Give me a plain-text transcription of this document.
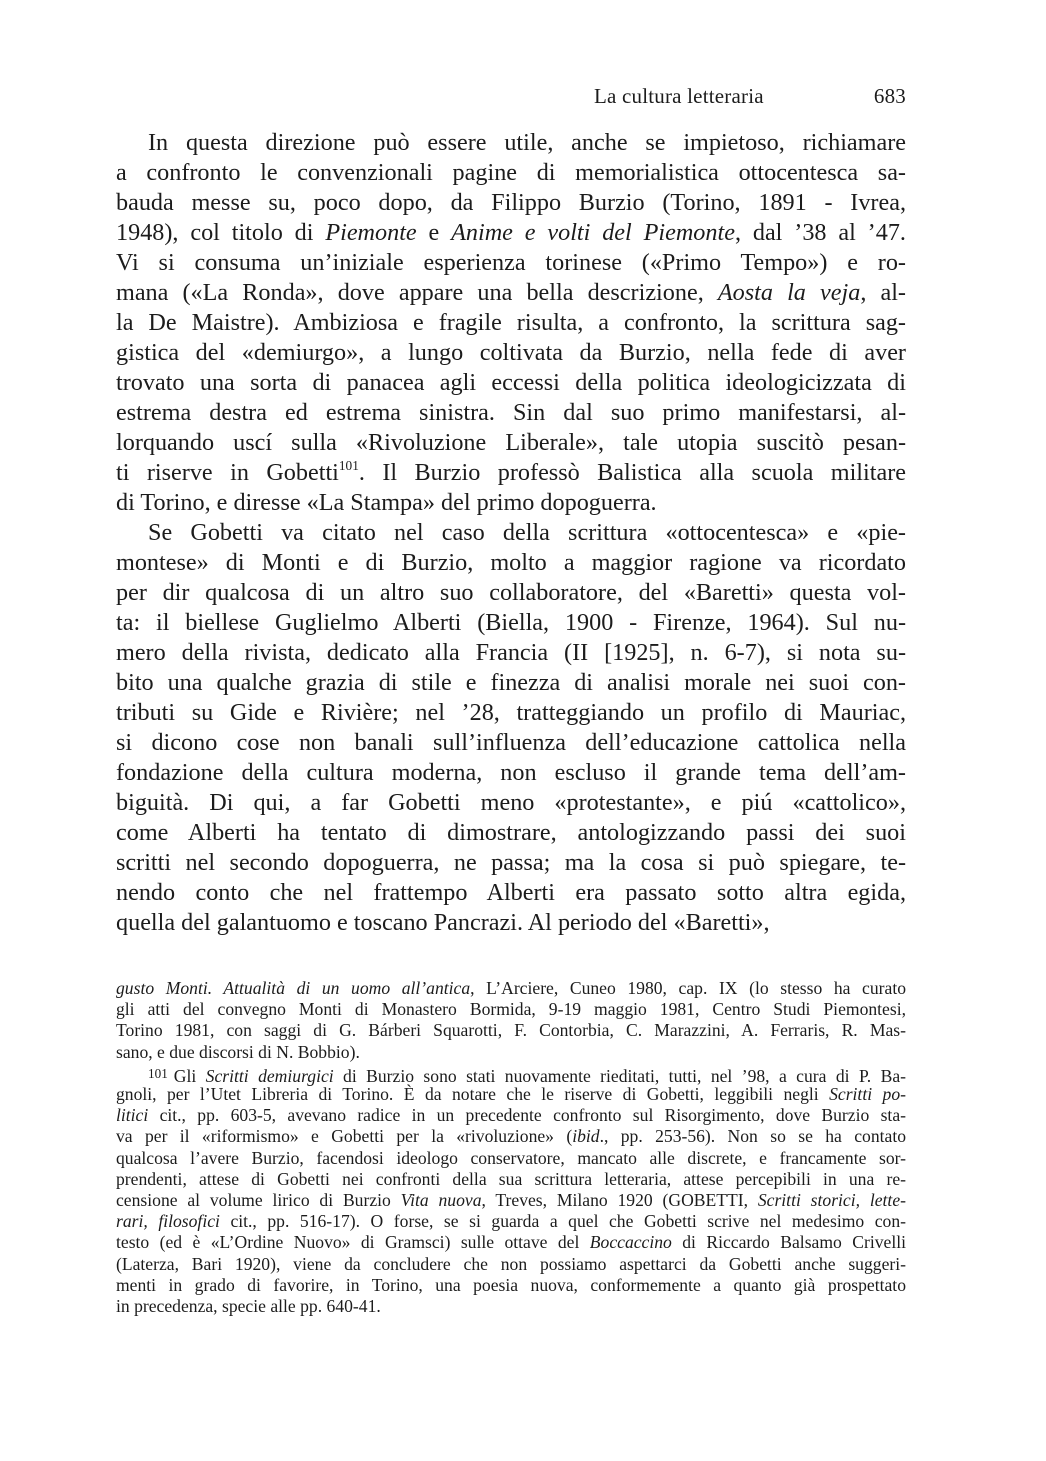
La cultura letteraria	683
In questa direzione può essere utile, anche se impietoso, richiamare
a confronto le convenzionali pagine di memorialistica ottocentesca sa-
bauda messe su, poco dopo, da Filippo Burzio (Torino, 1891 - Ivrea,
1948), col titolo di Piemonte e Anime e volti del Piemonte, dal ’38 al ’47.
Vi si consuma un’iniziale esperienza torinese («Primo Tempo») e ro-
mana («La Ronda», dove appare una bella descrizione, Aosta la veja, al-
la De Maistre). Ambiziosa e fragile risulta, a confronto, la scrittura sag-
gistica del «demiurgo», a lungo coltivata da Burzio, nella fede di aver
trovato una sorta di panacea agli eccessi della politica ideologicizzata di
estrema destra ed estrema sinistra. Sin dal suo primo manifestarsi, al-
lorquando uscí sulla «Rivoluzione Liberale», tale utopia suscitò pesan-
ti riserve in Gobetti$^{101}$. Il Burzio professò Balistica alla scuola militare
di Torino, e diresse «La Stampa» del primo dopoguerra.
Se Gobetti va citato nel caso della scrittura «ottocentesca» e «pie-
montese» di Monti e di Burzio, molto a maggior ragione va ricordato
per dir qualcosa di un altro suo collaboratore, del «Baretti» questa vol-
ta: il biellese Guglielmo Alberti (Biella, 1900 - Firenze, 1964). Sul nu-
mero della rivista, dedicato alla Francia (II [1925], n. 6-7), si nota su-
bito una qualche grazia di stile e finezza di analisi morale nei suoi con-
tributi su Gide e Rivière; nel ’28, tratteggiando un profilo di Mauriac,
si dicono cose non banali sull’influenza dell’educazione cattolica nella
fondazione della cultura moderna, non escluso il grande tema dell’am-
biguità. Di qui, a far Gobetti meno «protestante», e piú «cattolico»,
come Alberti ha tentato di dimostrare, antologizzando passi dei suoi
scritti nel secondo dopoguerra, ne passa; ma la cosa si può spiegare, te-
nendo conto che nel frattempo Alberti era passato sotto altra egida,
quella del galantuomo e toscano Pancrazi. Al periodo del «Baretti»,
gusto Monti. Attualità di un uomo all’antica, L’Arciere, Cuneo 1980, cap. IX (lo stesso ha curato
gli atti del convegno Monti di Monastero Bormida, 9-19 maggio 1981, Centro Studi Piemontesi,
Torino 1981, con saggi di G. Bárberi Squarotti, F. Contorbia, C. Marazzini, A. Ferraris, R. Mas-
sano, e due discorsi di N. Bobbio).
$^{101}$ Gli Scritti demiurgici di Burzio sono stati nuovamente rieditati, tutti, nel ’98, a cura di P. Ba-
gnoli, per l’Utet Libreria di Torino. È da notare che le riserve di Gobetti, leggibili negli Scritti po-
litici cit., pp. 603-5, avevano radice in un precedente confronto sul Risorgimento, dove Burzio sta-
va per il «riformismo» e Gobetti per la «rivoluzione» (ibid., pp. 253-56). Non so se ha contato
qualcosa l’avere Burzio, facendosi ideologo conservatore, mancato alle discrete, e francamente sor-
prendenti, attese di Gobetti nei confronti della sua scrittura letteraria, attese percepibili in una re-
censione al volume lirico di Burzio Vita nuova, Treves, Milano 1920 (GOBETTI, Scritti storici, lette-
rari, filosofici cit., pp. 516-17). O forse, se si guarda a quel che Gobetti scrive nel medesimo con-
testo (ed è «L’Ordine Nuovo» di Gramsci) sulle ottave del Boccaccino di Riccardo Balsamo Crivelli
(Laterza, Bari 1920), viene da concludere che non possiamo aspettarci da Gobetti anche suggeri-
menti in grado di favorire, in Torino, una poesia nuova, conformemente a quanto già prospettato
in precedenza, specie alle pp. 640-41.
